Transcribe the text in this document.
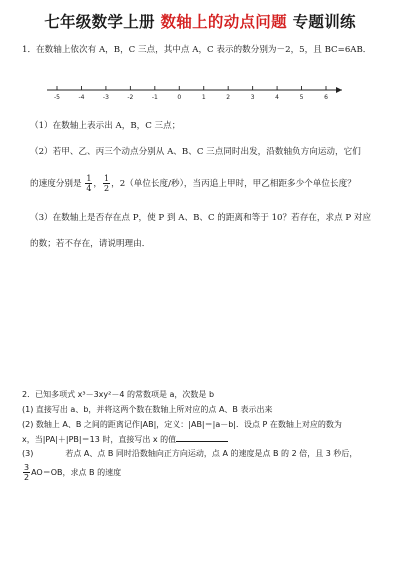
七年级数学上册 数轴上的动点问题 专题训练
1．在数轴上依次有 A，B，C 三点，其中点 A，C 表示的数分别为－2，5，且 BC=6AB．
-5	-4	-3	-2	-1	0	1	2	3	4	5	6
（1）在数轴上表示出 A，B，C 三点；
（2）若甲、乙、丙三个动点分别从 A、B、C 三点同时出发，沿数轴负方向运动，它们
的速度分别是 $\frac{1}{4}$ ， $\frac{1}{2}$ ，2（单位长度/秒），当丙追上甲时，甲乙相距多少个单位长度？
（3）在数轴上是否存在点 P，使 P 到 A、B、C 的距离和等于 10？若存在，求点 P 对应
的数；若不存在，请说明理由．
2．已知多项式 x³－3xy²－4 的常数项是 a，次数是 b
(1) 直接写出 a、b，并将这两个数在数轴上所对应的点 A、B 表示出来
(2) 数轴上 A、B 之间的距离记作|AB|，定义：|AB|＝|a－b|．设点 P 在数轴上对应的数为
x，当|PA|＋|PB|＝13 时，直接写出 x 的值
(3)　　　　若点 A、点 B 同时沿数轴向正方向运动，点 A 的速度是点 B 的 2 倍，且 3 秒后，
$\frac{3}{2} AO=OB$，求点 B 的速度
